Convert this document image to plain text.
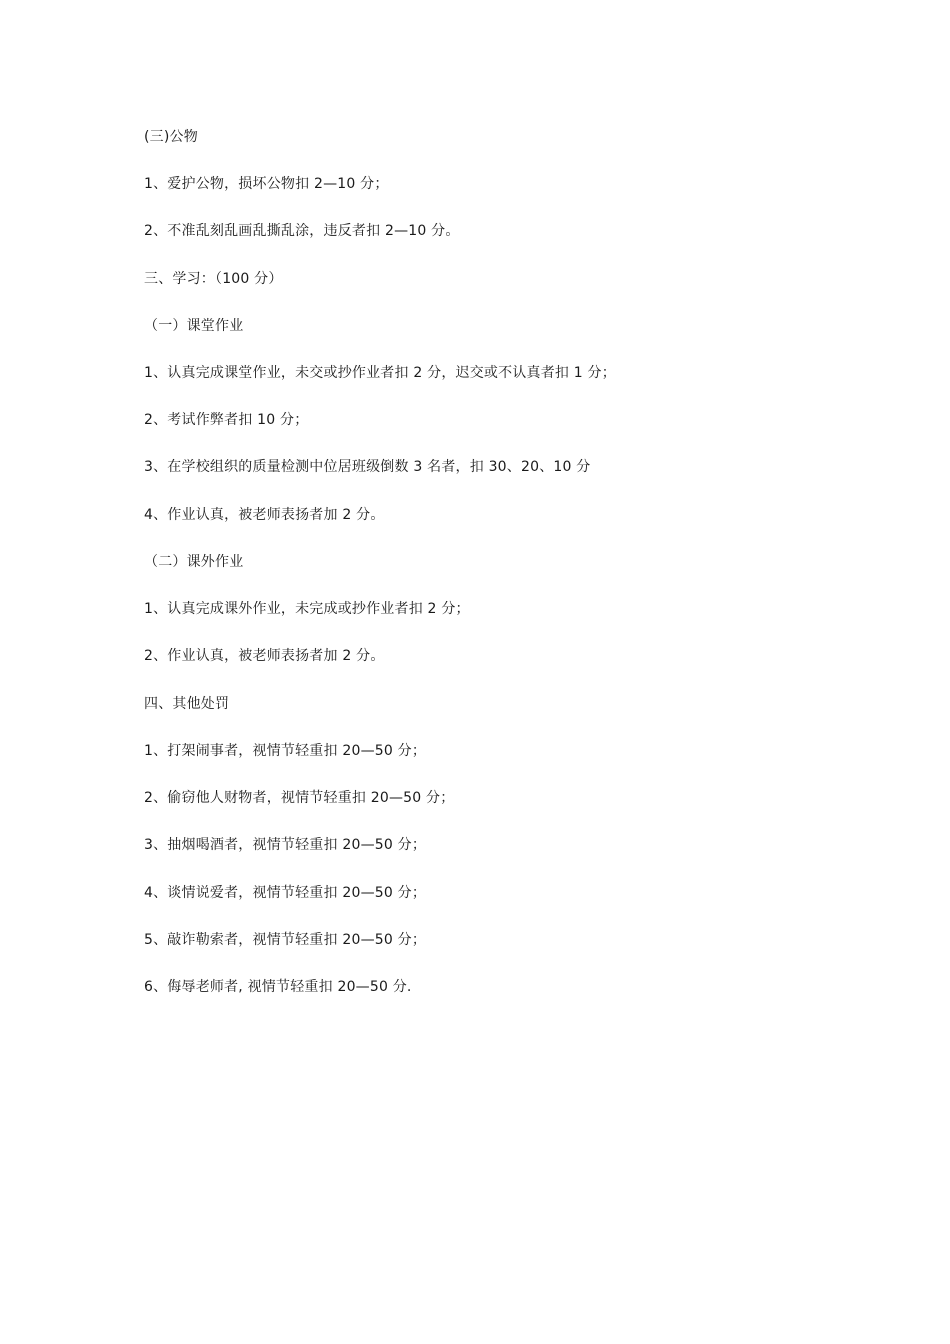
(三)公物
1、爱护公物，损坏公物扣 2—10 分；
2、不准乱刻乱画乱撕乱涂，违反者扣 2—10 分。
三、学习：（100 分）
（一）课堂作业
1、认真完成课堂作业，未交或抄作业者扣 2 分，迟交或不认真者扣 1 分；
2、考试作弊者扣 10 分；
3、在学校组织的质量检测中位居班级倒数 3 名者，扣 30、20、10 分
4、作业认真，被老师表扬者加 2 分。
（二）课外作业
1、认真完成课外作业，未完成或抄作业者扣 2 分；
2、作业认真，被老师表扬者加 2 分。
四、其他处罚
1、打架闹事者，视情节轻重扣 20—50 分；
2、偷窃他人财物者，视情节轻重扣 20—50 分；
3、抽烟喝酒者，视情节轻重扣 20—50 分；
4、谈情说爱者，视情节轻重扣 20—50 分；
5、敲诈勒索者，视情节轻重扣 20—50 分；
6、侮辱老师者, 视情节轻重扣 20—50 分.
